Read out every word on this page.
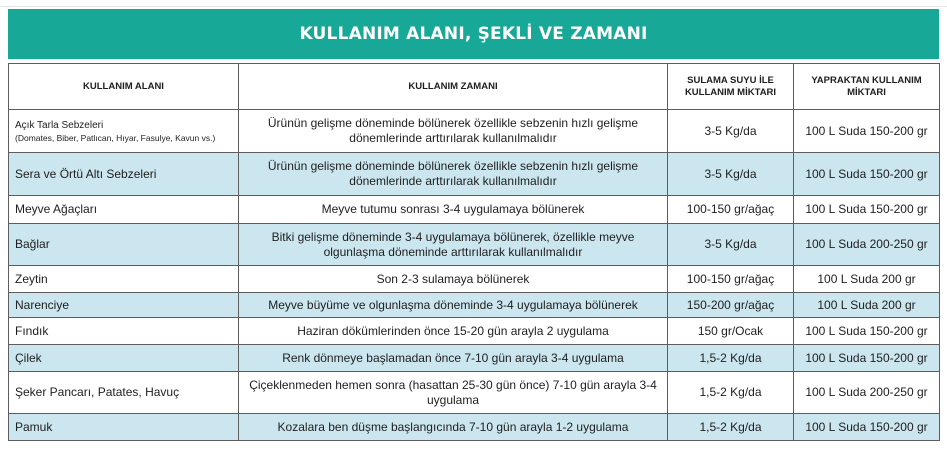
KULLANIM ALANI, ŞEKLİ VE ZAMANI
KULLANIM ALANI	KULLANIM ZAMANI	SULAMA SUYU İLE KULLANIM MİKTARI	YAPRAKTAN KULLANIM MİKTARI

Açık Tarla Sebzeleri
(Domates, Biber, Patlıcan, Hıyar, Fasulye, Kavun vs.)	Ürünün gelişme döneminde bölünerek özellikle sebzenin hızlı gelişme dönemlerinde arttırılarak kullanılmalıdır	3-5 Kg/da	100 L Suda 150-200 gr
Sera ve Örtü Altı Sebzeleri	Ürünün gelişme döneminde bölünerek özellikle sebzenin hızlı gelişme dönemlerinde arttırılarak kullanılmalıdır	3-5 Kg/da	100 L Suda 150-200 gr
Meyve Ağaçları	Meyve tutumu sonrası 3-4 uygulamaya bölünerek	100-150 gr/ağaç	100 L Suda 150-200 gr
Bağlar	Bitki gelişme döneminde 3-4 uygulamaya bölünerek, özellikle meyve olgunlaşma döneminde arttırılarak kullanılmalıdır	3-5 Kg/da	100 L Suda 200-250 gr
Zeytin	Son 2-3 sulamaya bölünerek	100-150 gr/ağaç	100 L Suda 200 gr
Narenciye	Meyve büyüme ve olgunlaşma döneminde 3-4 uygulamaya bölünerek	150-200 gr/ağaç	100 L Suda 200 gr
Fındık	Haziran dökümlerinden önce 15-20 gün arayla 2 uygulama	150 gr/Ocak	100 L Suda 150-200 gr
Çilek	Renk dönmeye başlamadan önce 7-10 gün arayla 3-4 uygulama	1,5-2 Kg/da	100 L Suda 150-200 gr
Şeker Pancarı, Patates, Havuç	Çiçeklenmeden hemen sonra (hasattan 25-30 gün önce) 7-10 gün arayla 3-4 uygulama	1,5-2 Kg/da	100 L Suda 200-250 gr
Pamuk	Kozalara ben düşme başlangıcında 7-10 gün arayla 1-2 uygulama	1,5-2 Kg/da	100 L Suda 150-200 gr
